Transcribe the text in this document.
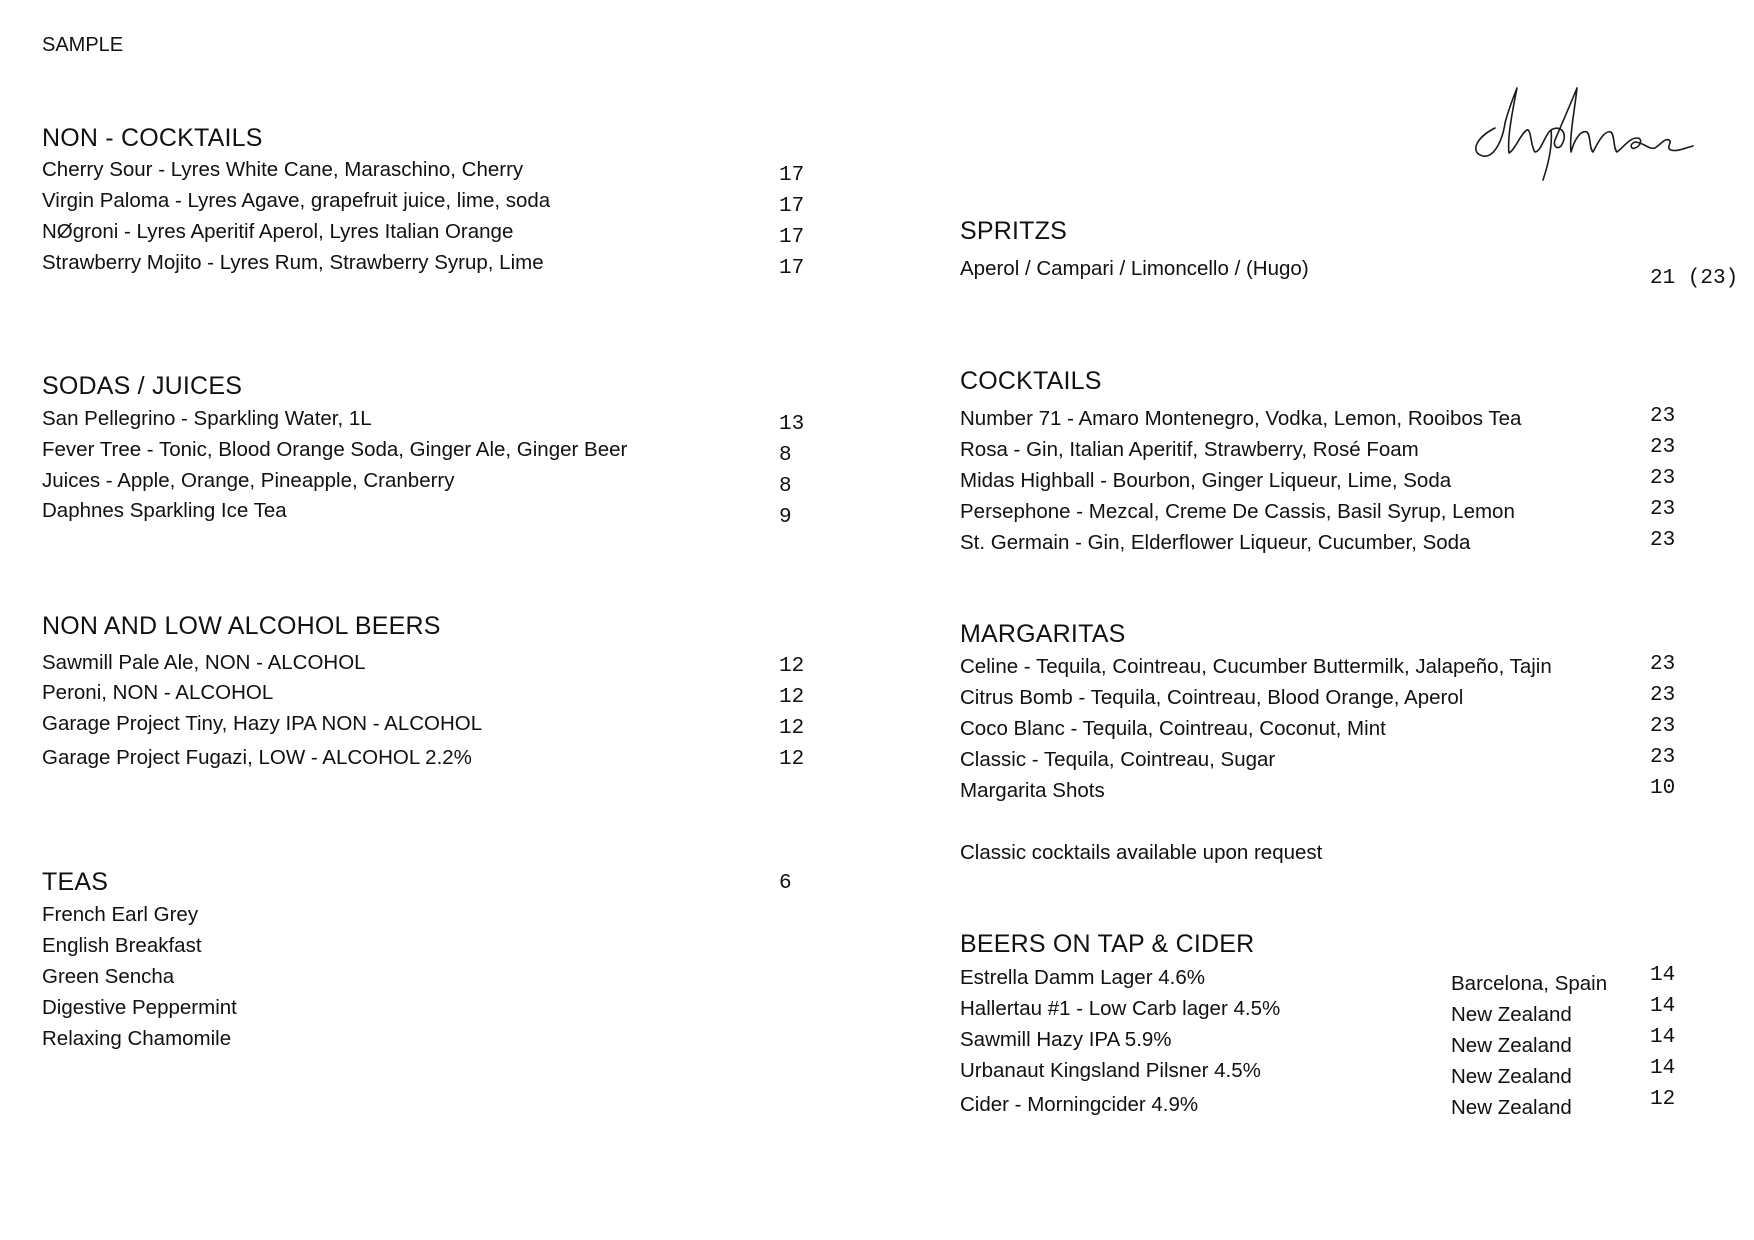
SAMPLE
NON - COCKTAILS
Cherry Sour - Lyres White Cane, Maraschino, Cherry	17
Virgin Paloma - Lyres Agave, grapefruit juice, lime, soda	17
NØgroni - Lyres Aperitif Aperol, Lyres Italian Orange	17
Strawberry Mojito - Lyres Rum, Strawberry Syrup, Lime	17
SODAS / JUICES
San Pellegrino - Sparkling Water, 1L	13
Fever Tree - Tonic, Blood Orange Soda, Ginger Ale, Ginger Beer	8
Juices - Apple, Orange, Pineapple, Cranberry	8
Daphnes Sparkling Ice Tea	9
NON AND LOW ALCOHOL BEERS
Sawmill Pale Ale, NON - ALCOHOL	12
Peroni, NON - ALCOHOL	12
Garage Project Tiny, Hazy IPA NON - ALCOHOL	12
Garage Project Fugazi, LOW - ALCOHOL 2.2%	12
TEAS	6
French Earl Grey
English Breakfast
Green Sencha
Digestive Peppermint
Relaxing Chamomile
SPRITZS
Aperol / Campari / Limoncello / (Hugo)	21 (23)
COCKTAILS
Number 71 - Amaro Montenegro, Vodka, Lemon, Rooibos Tea	23
Rosa - Gin, Italian Aperitif, Strawberry, Rosé Foam	23
Midas Highball - Bourbon, Ginger Liqueur, Lime, Soda	23
Persephone - Mezcal, Creme De Cassis, Basil Syrup, Lemon	23
St. Germain - Gin, Elderflower Liqueur, Cucumber, Soda	23
MARGARITAS
Celine - Tequila, Cointreau, Cucumber Buttermilk, Jalapeño, Tajin	23
Citrus Bomb - Tequila, Cointreau, Blood Orange, Aperol	23
Coco Blanc - Tequila, Cointreau, Coconut, Mint	23
Classic - Tequila, Cointreau, Sugar	23
Margarita Shots	10
Classic cocktails available upon request
BEERS ON TAP & CIDER
Estrella Damm Lager 4.6%	Barcelona, Spain 14
Hallertau #1 - Low Carb lager 4.5%	New Zealand	14
Sawmill Hazy IPA 5.9%	New Zealand	14
Urbanaut Kingsland Pilsner 4.5%	New Zealand	14
Cider - Morningcider 4.9%	New Zealand	12
